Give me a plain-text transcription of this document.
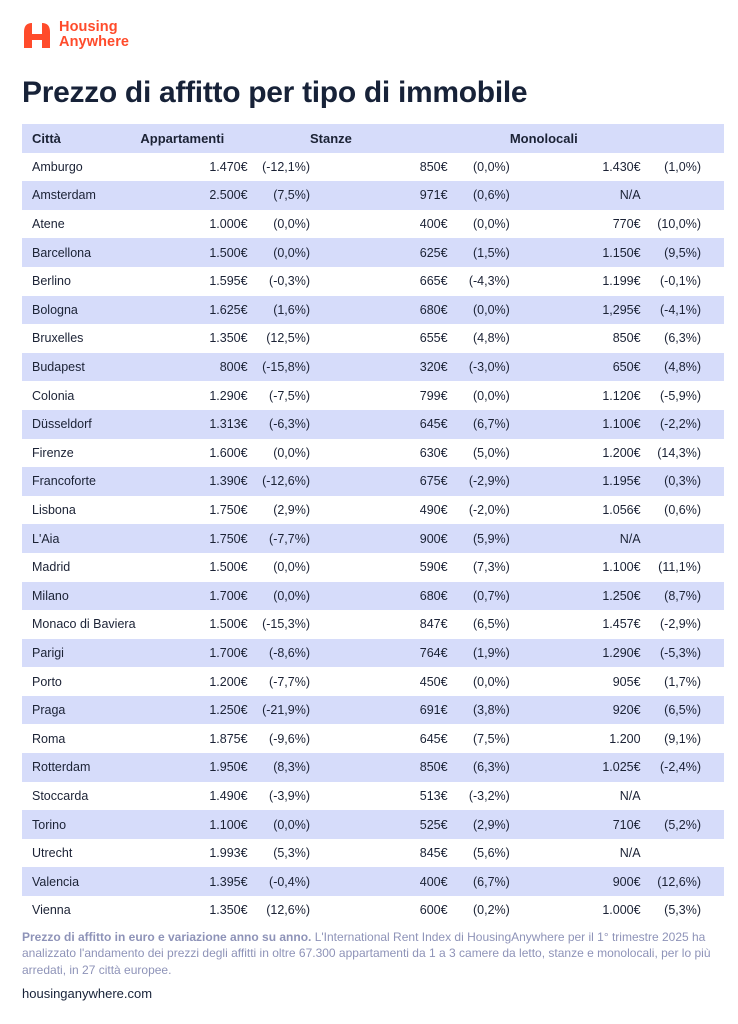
Housing
Anywhere
Prezzo di affitto per tipo di immobile
Città	Appartamenti		Stanze		Monolocali	
Amburgo	1.470€	(-12,1%)	850€	(0,0%)	1.430€	(1,0%)
Amsterdam	2.500€	(7,5%)	971€	(0,6%)	N/A	
Atene	1.000€	(0,0%)	400€	(0,0%)	770€	(10,0%)
Barcellona	1.500€	(0,0%)	625€	(1,5%)	1.150€	(9,5%)
Berlino	1.595€	(-0,3%)	665€	(-4,3%)	1.199€	(-0,1%)
Bologna	1.625€	(1,6%)	680€	(0,0%)	1,295€	(-4,1%)
Bruxelles	1.350€	(12,5%)	655€	(4,8%)	850€	(6,3%)
Budapest	800€	(-15,8%)	320€	(-3,0%)	650€	(4,8%)
Colonia	1.290€	(-7,5%)	799€	(0,0%)	1.120€	(-5,9%)
Düsseldorf	1.313€	(-6,3%)	645€	(6,7%)	1.100€	(-2,2%)
Firenze	1.600€	(0,0%)	630€	(5,0%)	1.200€	(14,3%)
Francoforte	1.390€	(-12,6%)	675€	(-2,9%)	1.195€	(0,3%)
Lisbona	1.750€	(2,9%)	490€	(-2,0%)	1.056€	(0,6%)
L'Aia	1.750€	(-7,7%)	900€	(5,9%)	N/A	
Madrid	1.500€	(0,0%)	590€	(7,3%)	1.100€	(11,1%)
Milano	1.700€	(0,0%)	680€	(0,7%)	1.250€	(8,7%)
Monaco di Baviera	1.500€	(-15,3%)	847€	(6,5%)	1.457€	(-2,9%)
Parigi	1.700€	(-8,6%)	764€	(1,9%)	1.290€	(-5,3%)
Porto	1.200€	(-7,7%)	450€	(0,0%)	905€	(1,7%)
Praga	1.250€	(-21,9%)	691€	(3,8%)	920€	(6,5%)
Roma	1.875€	(-9,6%)	645€	(7,5%)	1.200	(9,1%)
Rotterdam	1.950€	(8,3%)	850€	(6,3%)	1.025€	(-2,4%)
Stoccarda	1.490€	(-3,9%)	513€	(-3,2%)	N/A	
Torino	1.100€	(0,0%)	525€	(2,9%)	710€	(5,2%)
Utrecht	1.993€	(5,3%)	845€	(5,6%)	N/A	
Valencia	1.395€	(-0,4%)	400€	(6,7%)	900€	(12,6%)
Vienna	1.350€	(12,6%)	600€	(0,2%)	1.000€	(5,3%)

Prezzo di affitto in euro e variazione anno su anno. L'International Rent Index di HousingAnywhere per il 1° trimestre 2025 ha analizzato l'andamento dei prezzi degli affitti in oltre 67.300 appartamenti da 1 a 3 camere da letto, stanze e monolocali, per lo più arredati, in 27 città europee.

housinganywhere.com
